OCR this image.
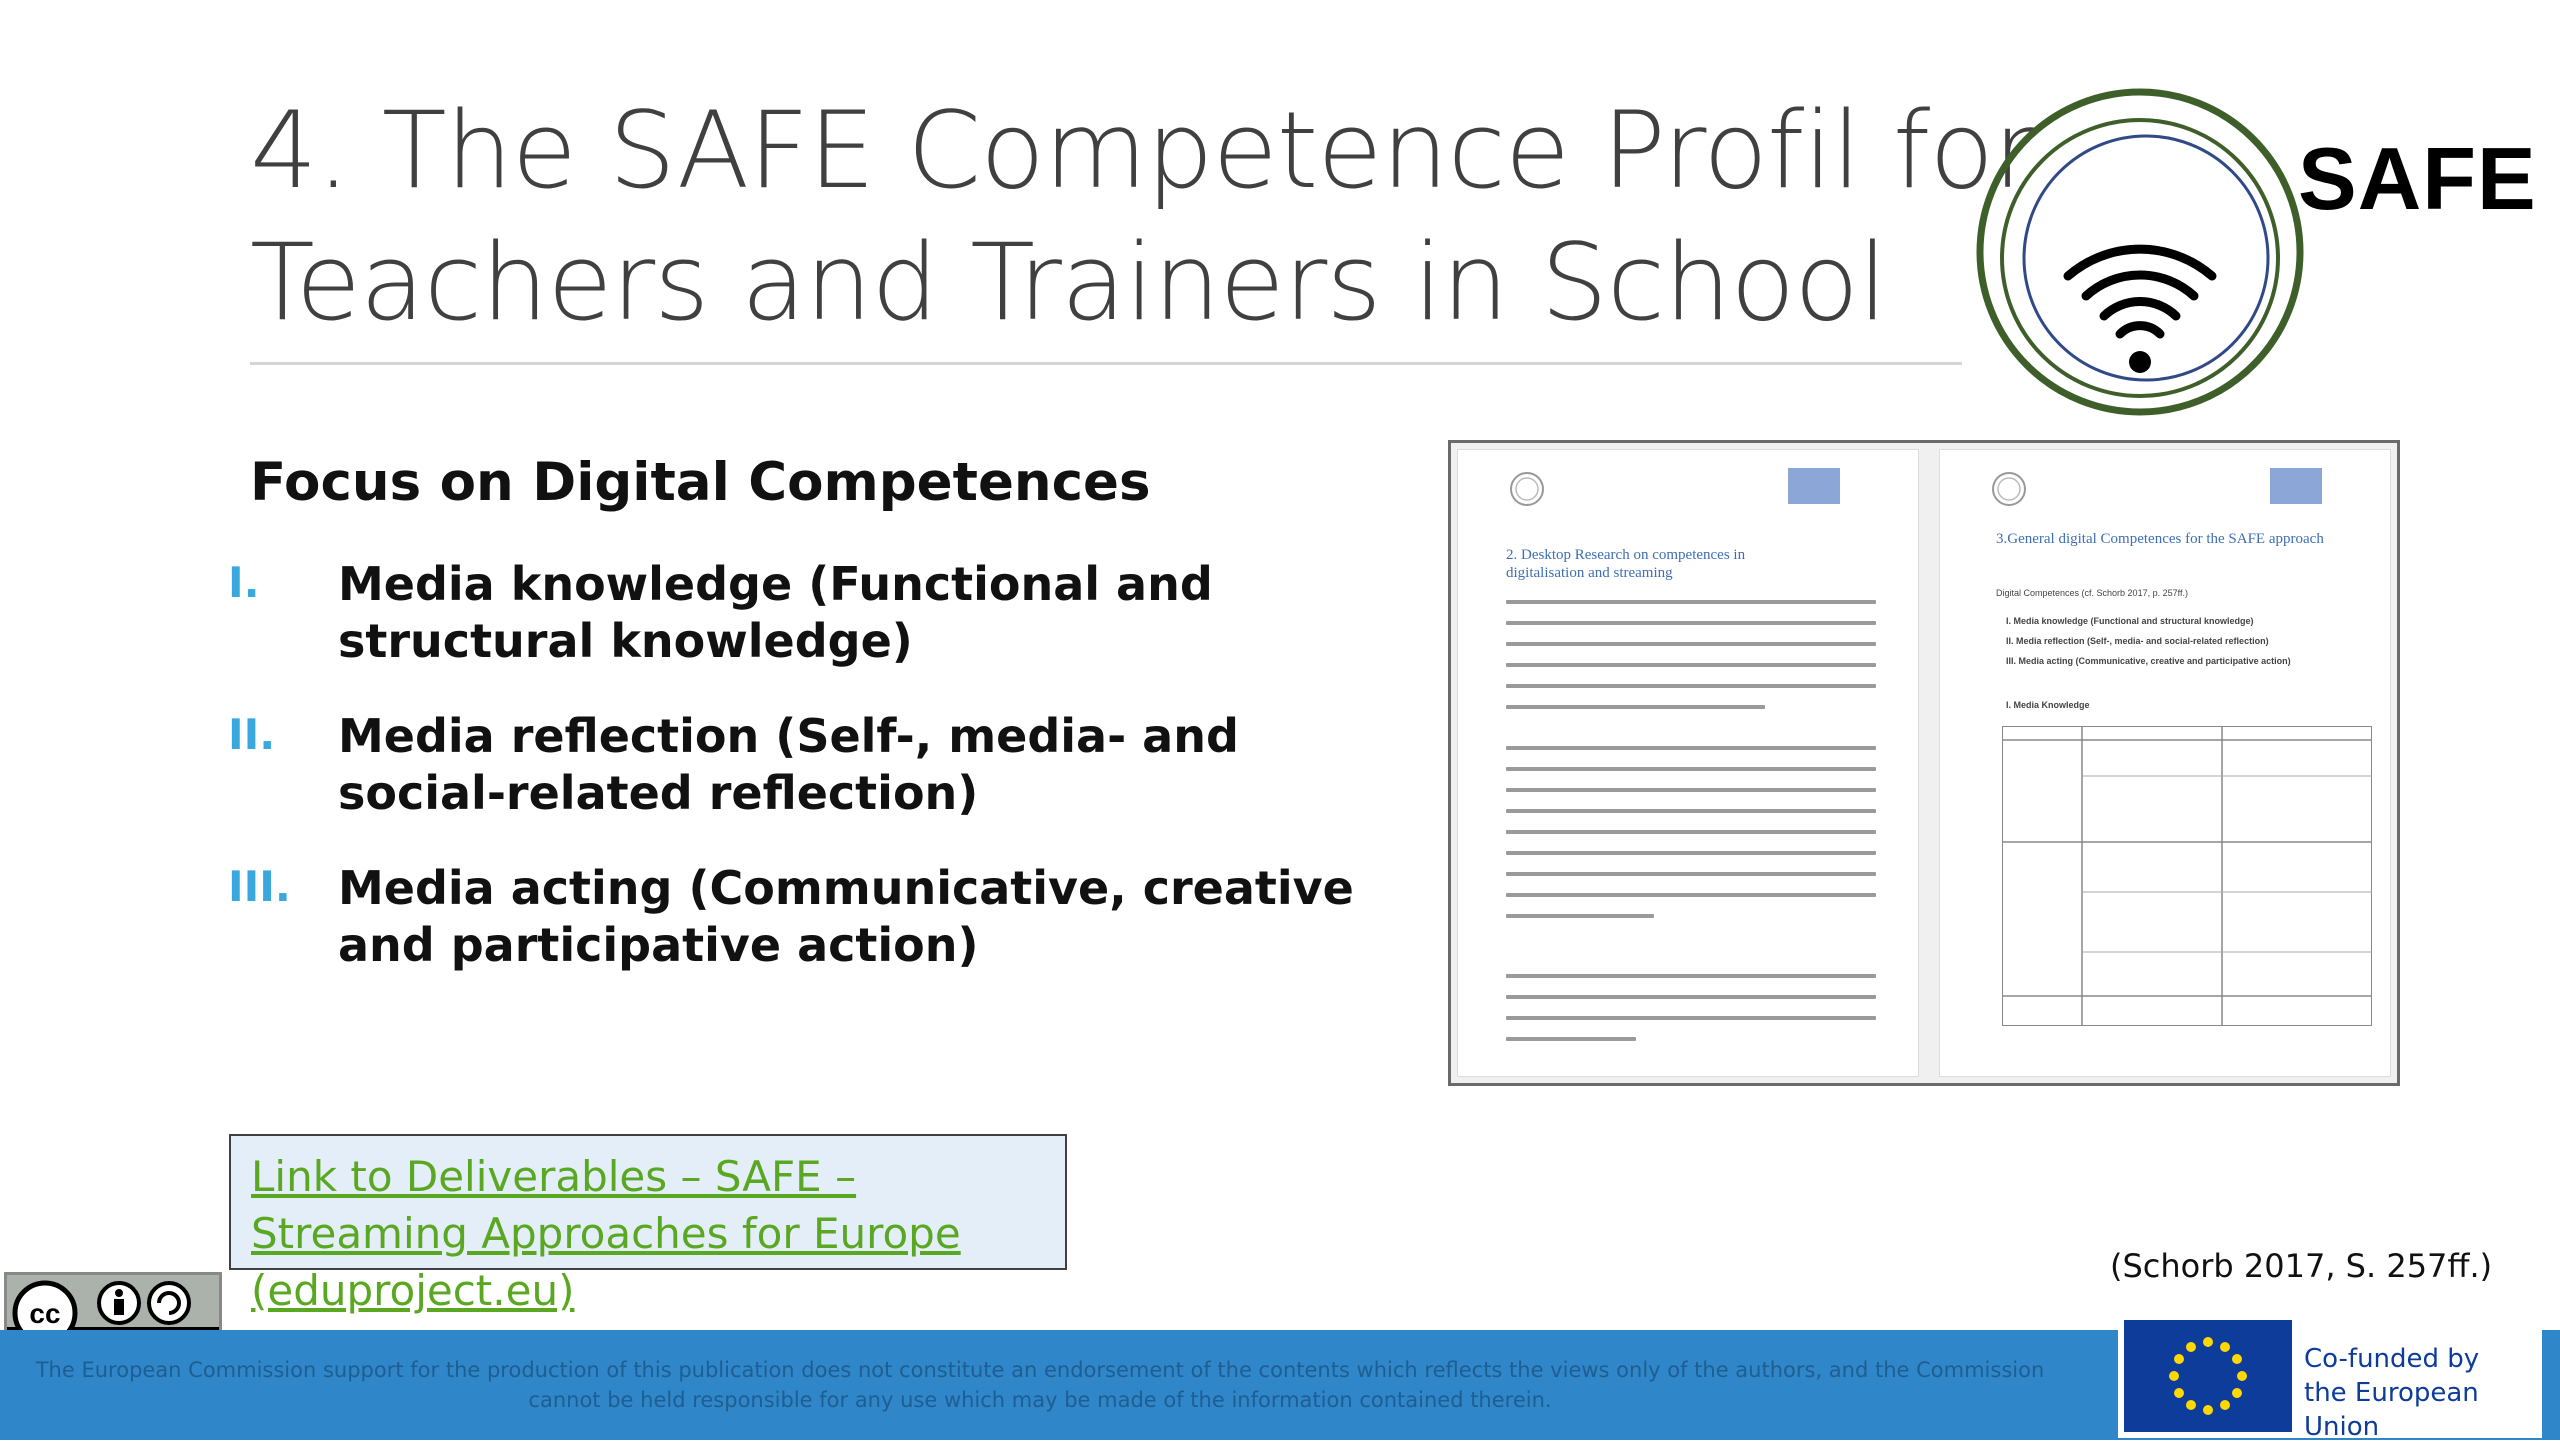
4. The SAFE Competence Profil for
Teachers and Trainers in School
SAFE
Focus on Digital Competences
I. Media knowledge (Functional and structural knowledge)
II. Media reflection (Self-, media- and social-related reflection)
III. Media acting (Communicative, creative and participative action)
2. Desktop Research on competences in digitalisation and streaming
3.General digital Competences for the SAFE approach
Digital Competences (cf. Schorb 2017, p. 257ff.)
I. Media knowledge (Functional and structural knowledge)
II. Media reflection (Self-, media- and social-related reflection)
III. Media acting (Communicative, creative and participative action)
I. Media Knowledge
Link to Deliverables – SAFE – Streaming Approaches for Europe (eduproject.eu)	(Schorb 2017, S. 257ff.)
cc
The European Commission support for the production of this publication does not constitute an endorsement of the contents which reflects the views only of the authors, and the Commission cannot be held responsible for any use which may be made of the information contained therein.
Co-funded by
the European Union
